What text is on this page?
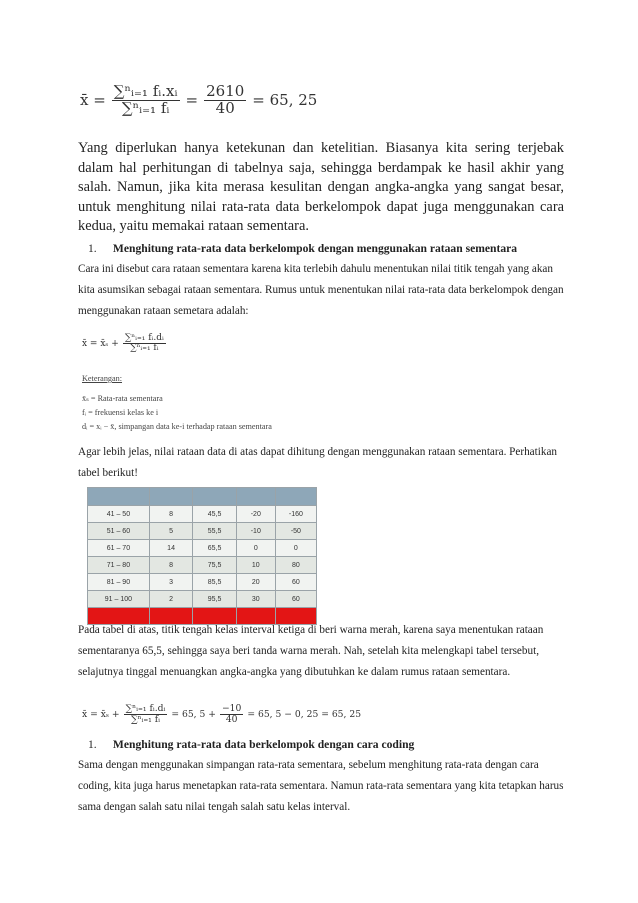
x̄ = $\frac{\text{∑ⁿᵢ₌₁ fᵢ.xᵢ}}{\text{∑ⁿᵢ₌₁ fᵢ}} = \frac{2610}{40} = 65$, 25
Yang diperlukan hanya ketekunan dan ketelitian. Biasanya kita sering terjebak dalam hal perhitungan di tabelnya saja, sehingga berdampak ke hasil akhir yang salah. Namun, jika kita merasa kesulitan dengan angka-angka yang sangat besar, untuk menghitung nilai rata-rata data berkelompok dapat juga menggunakan cara kedua, yaitu memakai rataan sementara.
1. Menghitung rata-rata data berkelompok dengan menggunakan rataan sementara
Cara ini disebut cara rataan sementara karena kita terlebih dahulu menentukan nilai titik tengah yang akan kita asumsikan sebagai rataan sementara. Rumus untuk menentukan nilai rata-rata data berkelompok dengan menggunakan rataan semetara adalah:
x̄ = x̄ₛ + $\frac{\text{∑ⁿᵢ₌₁ fᵢ.dᵢ}}{\text{∑ⁿᵢ₌₁ fᵢ}}$
Keterangan:
x̄ₛ = Rata-rata sementara
fᵢ = frekuensi kelas ke i
dᵢ = xᵢ − x̄, simpangan data ke-i terhadap rataan sementara
Agar lebih jelas, nilai rataan data di atas dapat dihitung dengan menggunakan rataan sementara. Perhatikan tabel berikut!

41 – 50	8	45,5	-20	-160
51 – 60	5	55,5	-10	-50
61 – 70	14	65,5	0	0
71 – 80	8	75,5	10	80
81 – 90	3	85,5	20	60
91 – 100	2	95,5	30	60

Pada tabel di atas, titik tengah kelas interval ketiga di beri warna merah, karena saya menentukan rataan sementaranya 65,5, sehingga saya beri tanda warna merah. Nah, setelah kita melengkapi tabel tersebut, selajutnya tinggal menuangkan angka-angka yang dibutuhkan ke dalam rumus rataan sementara.
x̄ = x̄ₛ + $\frac{\text{∑ⁿᵢ₌₁ fᵢ.dᵢ}}{\text{∑ⁿᵢ₌₁ fᵢ}} = 65$, $5 + \frac{-10}{40} = 65$, 5 − 0, 25 = 65, 25
1. Menghitung rata-rata data berkelompok dengan cara coding
Sama dengan menggunakan simpangan rata-rata sementara, sebelum menghitung rata-rata dengan cara coding, kita juga harus menetapkan rata-rata sementara. Namun rata-rata sementara yang kita tetapkan harus sama dengan salah satu nilai tengah salah satu kelas interval.
